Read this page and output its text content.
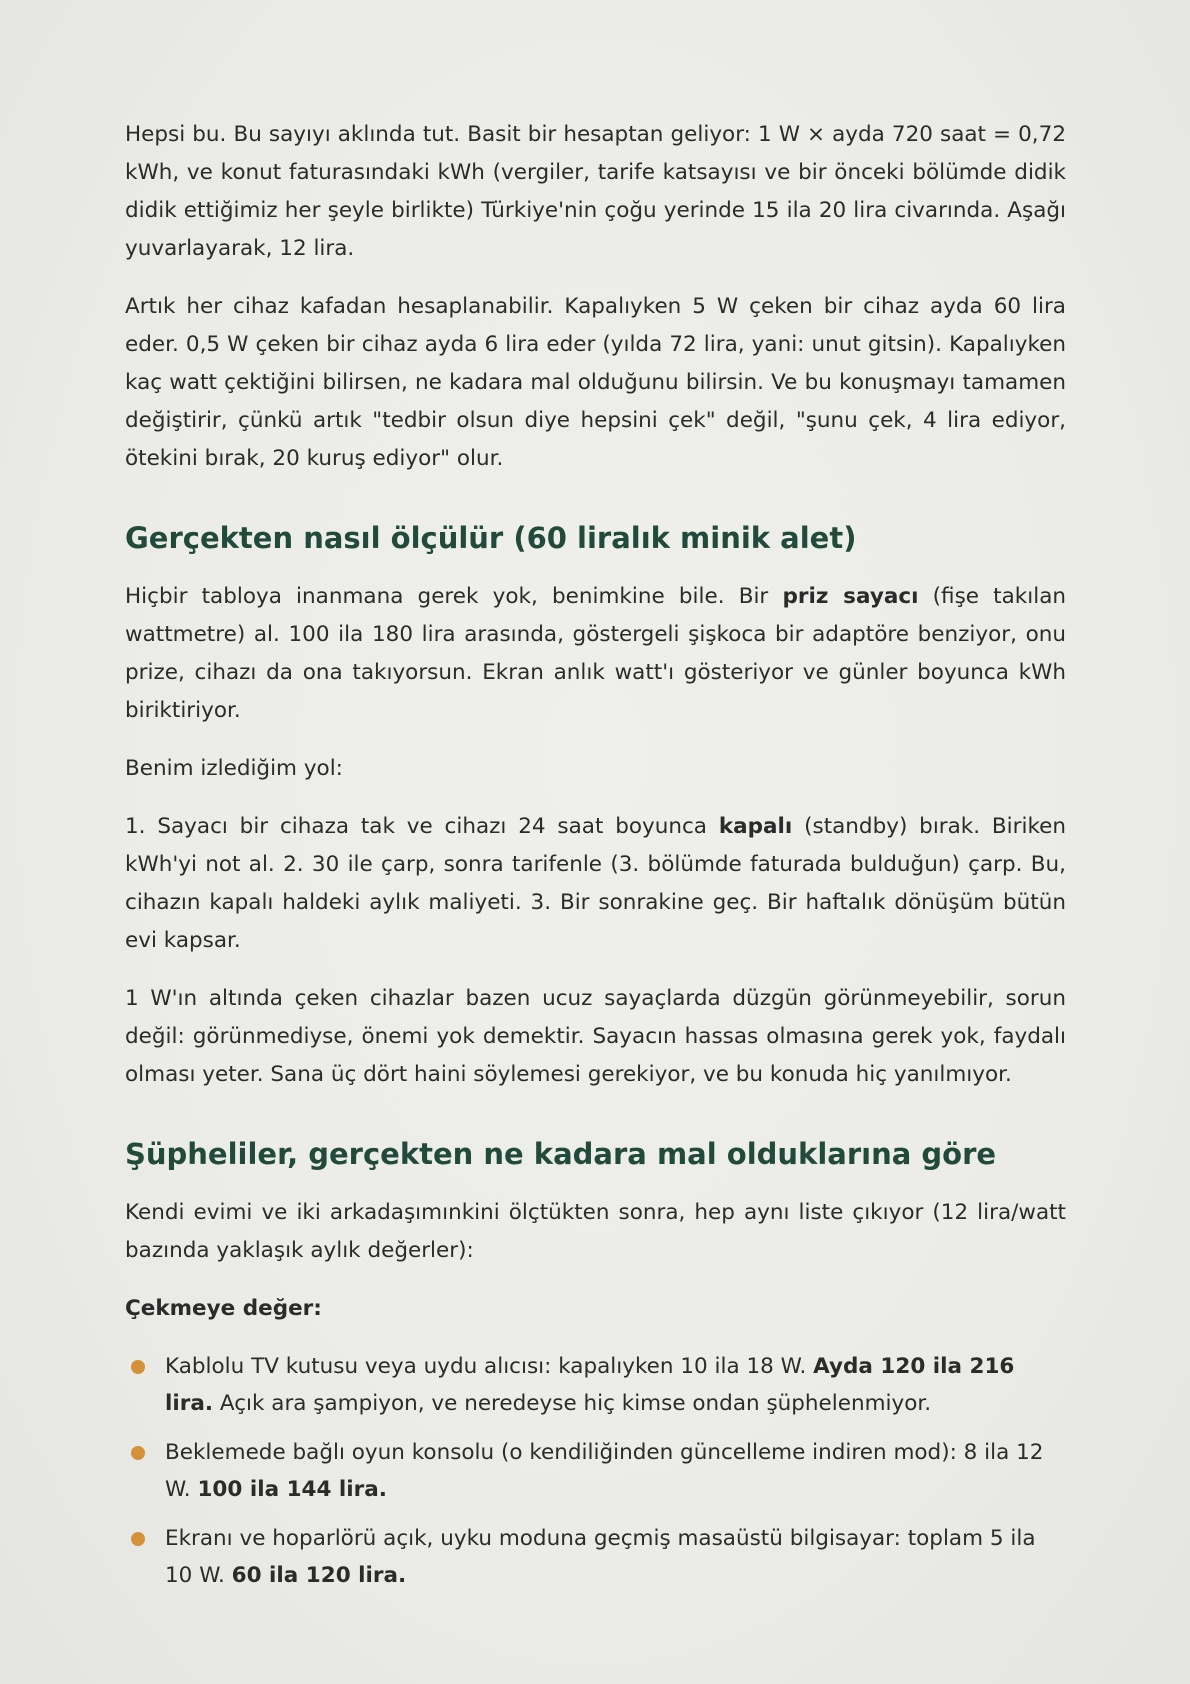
Hepsi bu. Bu sayıyı aklında tut. Basit bir hesaptan geliyor: 1 W × ayda 720 saat = 0,72 kWh, ve konut faturasındaki kWh (vergiler, tarife katsayısı ve bir önceki bölümde didik didik ettiğimiz her şeyle birlikte) Türkiye'nin çoğu yerinde 15 ila 20 lira civarında. Aşağı yuvarlayarak, 12 lira.

Artık her cihaz kafadan hesaplanabilir. Kapalıyken 5 W çeken bir cihaz ayda 60 lira eder. 0,5 W çeken bir cihaz ayda 6 lira eder (yılda 72 lira, yani: unut gitsin). Kapalıyken kaç watt çektiğini bilirsen, ne kadara mal olduğunu bilirsin. Ve bu konuşmayı tamamen değiştirir, çünkü artık "tedbir olsun diye hepsini çek" değil, "şunu çek, 4 lira ediyor, ötekini bırak, 20 kuruş ediyor" olur.

Gerçekten nasıl ölçülür (60 liralık minik alet)

Hiçbir tabloya inanmana gerek yok, benimkine bile. Bir priz sayacı (fişe takılan wattmetre) al. 100 ila 180 lira arasında, göstergeli şişkoca bir adaptöre benziyor, onu prize, cihazı da ona takıyorsun. Ekran anlık watt'ı gösteriyor ve günler boyunca kWh biriktiriyor.

Benim izlediğim yol:

1. Sayacı bir cihaza tak ve cihazı 24 saat boyunca kapalı (standby) bırak. Biriken kWh'yi not al. 2. 30 ile çarp, sonra tarifenle (3. bölümde faturada bulduğun) çarp. Bu, cihazın kapalı haldeki aylık maliyeti. 3. Bir sonrakine geç. Bir haftalık dönüşüm bütün evi kapsar.

1 W'ın altında çeken cihazlar bazen ucuz sayaçlarda düzgün görünmeyebilir, sorun değil: görünmediyse, önemi yok demektir. Sayacın hassas olmasına gerek yok, faydalı olması yeter. Sana üç dört haini söylemesi gerekiyor, ve bu konuda hiç yanılmıyor.

Şüpheliler, gerçekten ne kadara mal olduklarına göre

Kendi evimi ve iki arkadaşımınkini ölçtükten sonra, hep aynı liste çıkıyor (12 lira/watt bazında yaklaşık aylık değerler):

Çekmeye değer:
Kablolu TV kutusu veya uydu alıcısı: kapalıyken 10 ila 18 W. Ayda 120 ila 216 lira. Açık ara şampiyon, ve neredeyse hiç kimse ondan şüphelenmiyor.
Beklemede bağlı oyun konsolu (o kendiliğinden güncelleme indiren mod): 8 ila 12 W. 100 ila 144 lira.
Ekranı ve hoparlörü açık, uyku moduna geçmiş masaüstü bilgisayar: toplam 5 ila 10 W. 60 ila 120 lira.
